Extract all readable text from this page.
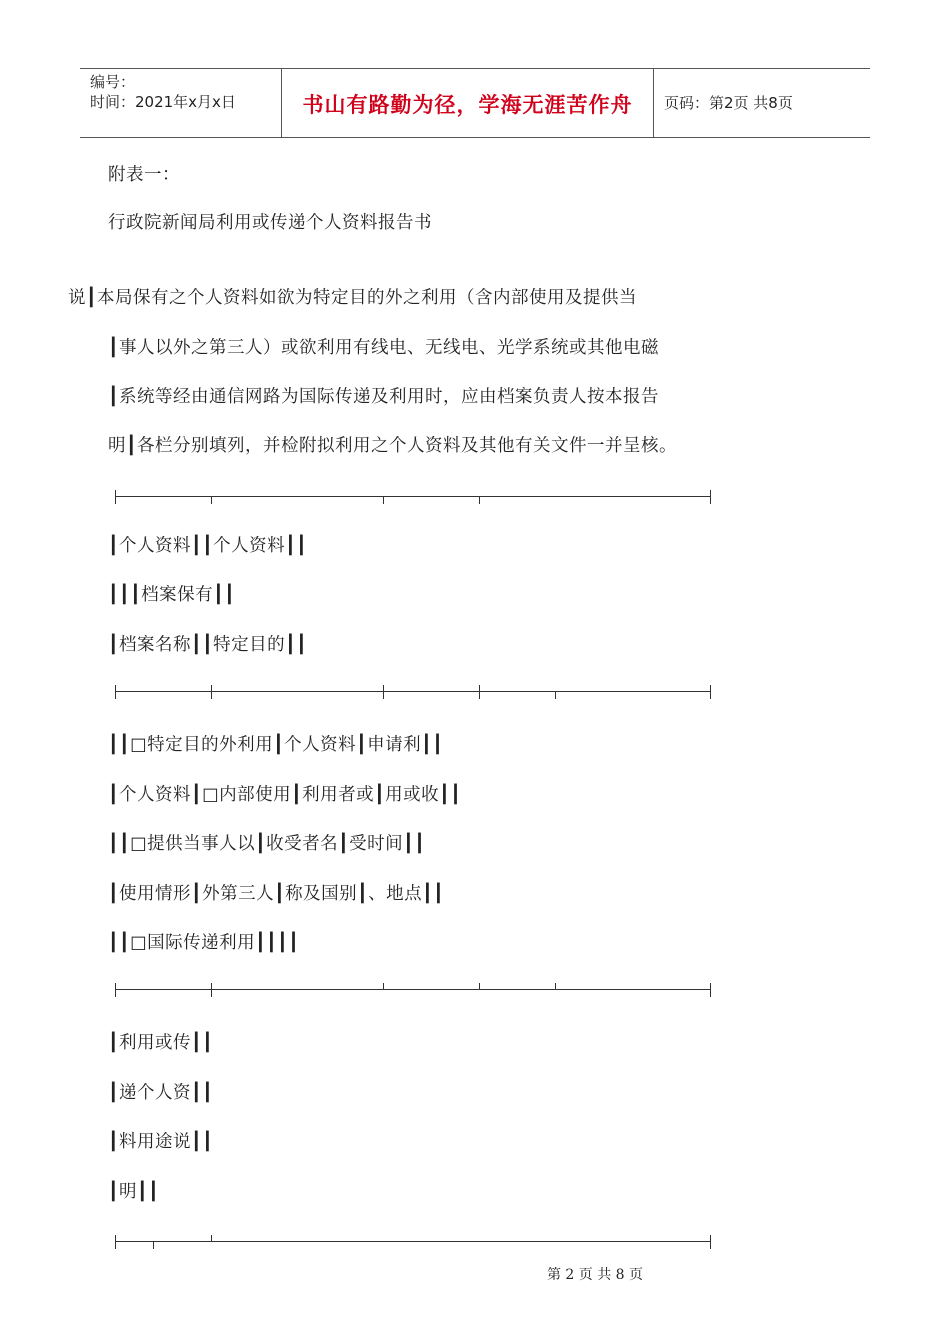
编号：
时间：2021年x月x日	书山有路勤为径，学海无涯苦作舟	页码：第2页 共8页
附表一：
行政院新闻局利用或传递个人资料报告书
说┃本局保有之个人资料如欲为特定目的外之利用（含内部使用及提供当
┃事人以外之第三人）或欲利用有线电、无线电、光学系统或其他电磁
┃系统等经由通信网路为国际传递及利用时，应由档案负责人按本报告
明┃各栏分别填列，并检附拟利用之个人资料及其他有关文件一并呈核。
┃个人资料┃┃个人资料┃┃
┃┃┃档案保有┃┃
┃档案名称┃┃特定目的┃┃
┃┃□特定目的外利用┃个人资料┃申请利┃┃
┃个人资料┃□内部使用┃利用者或┃用或收┃┃
┃┃□提供当事人以┃收受者名┃受时间┃┃
┃使用情形┃外第三人┃称及国别┃、地点┃┃
┃┃□国际传递利用┃┃┃┃
┃利用或传┃┃
┃递个人资┃┃
┃料用途说┃┃
┃明┃┃
第 2 页 共 8 页
